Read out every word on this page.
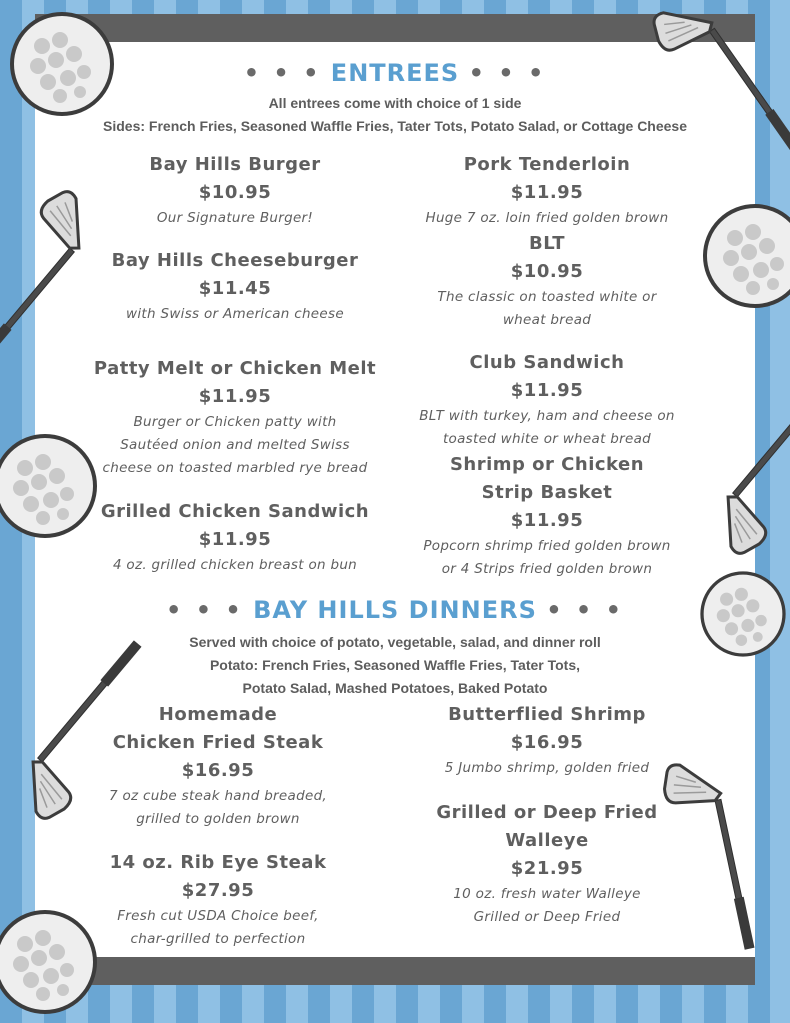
• • • ENTREES • • •
All entrees come with choice of 1 side
Sides: French Fries, Seasoned Waffle Fries, Tater Tots, Potato Salad, or Cottage Cheese
Bay Hills Burger
$10.95
Our Signature Burger!
Bay Hills Cheeseburger
$11.45
with Swiss or American cheese
Patty Melt or Chicken Melt
$11.95
Burger or Chicken patty with
Sautéed onion and melted Swiss
cheese on toasted marbled rye bread
Grilled Chicken Sandwich
$11.95
4 oz. grilled chicken breast on bun
Pork Tenderloin
$11.95
Huge 7 oz. loin fried golden brown
BLT
$10.95
The classic on toasted white or
wheat bread
Club Sandwich
$11.95
BLT with turkey, ham and cheese on
toasted white or wheat bread
Shrimp or Chicken
Strip Basket
$11.95
Popcorn shrimp fried golden brown
or 4 Strips fried golden brown
• • • BAY HILLS DINNERS • • •
Served with choice of potato, vegetable, salad, and dinner roll
Potato: French Fries, Seasoned Waffle Fries, Tater Tots,
Potato Salad, Mashed Potatoes, Baked Potato
Homemade
Chicken Fried Steak
$16.95
7 oz cube steak hand breaded,
grilled to golden brown
14 oz. Rib Eye Steak
$27.95
Fresh cut USDA Choice beef,
char-grilled to perfection
Butterflied Shrimp
$16.95
5 Jumbo shrimp, golden fried
Grilled or Deep Fried
Walleye
$21.95
10 oz. fresh water Walleye
Grilled or Deep Fried
